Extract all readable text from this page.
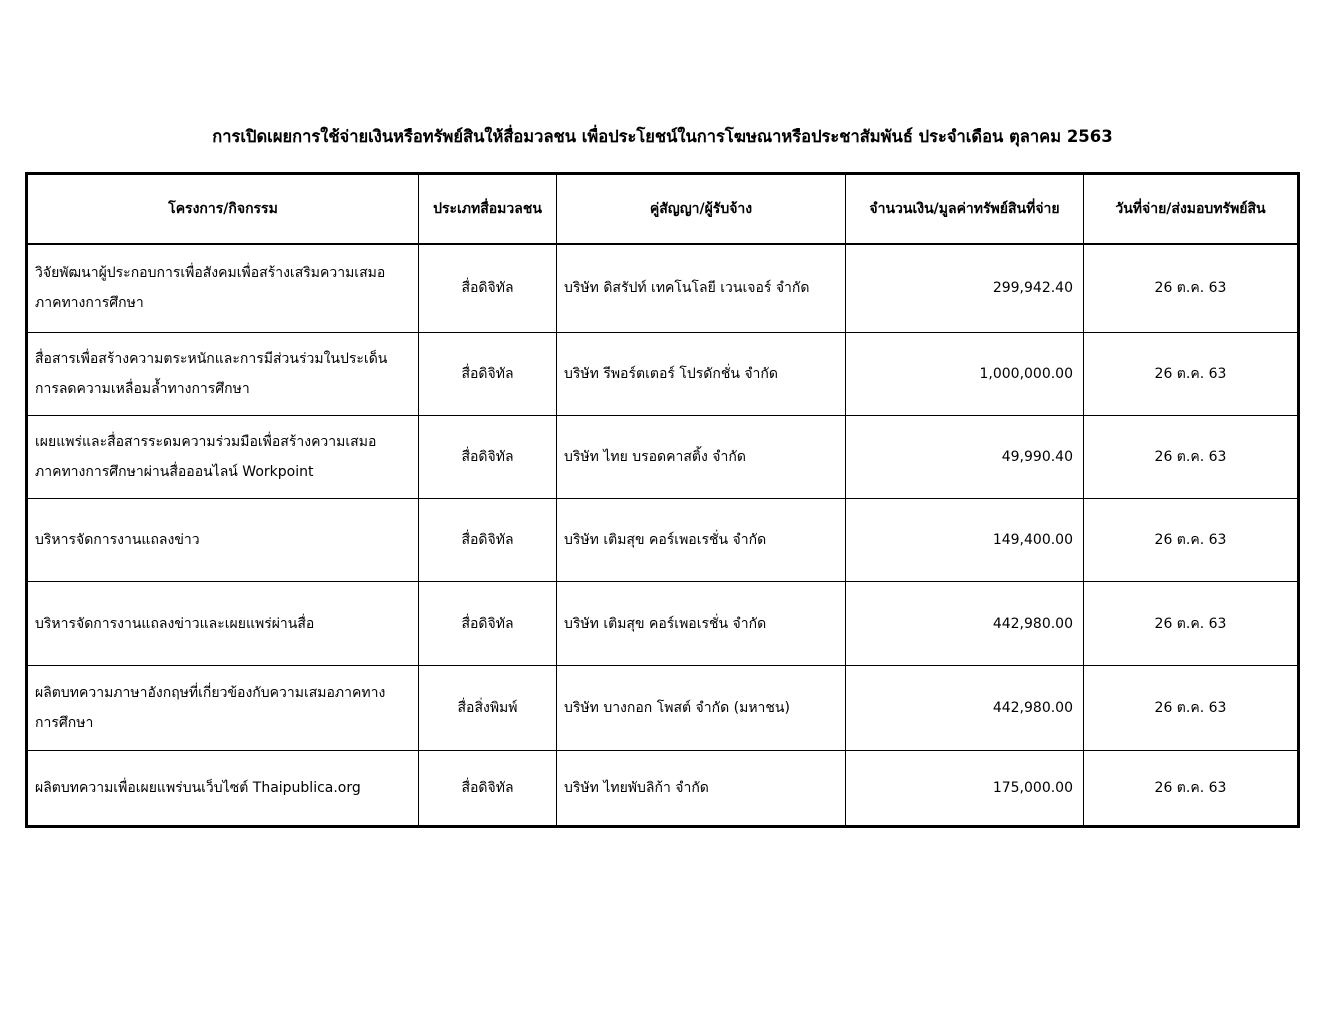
การเปิดเผยการใช้จ่ายเงินหรือทรัพย์สินให้สื่อมวลชน เพื่อประโยชน์ในการโฆษณาหรือประชาสัมพันธ์ ประจำเดือน ตุลาคม 2563
โครงการ/กิจกรรม	ประเภทสื่อมวลชน	คู่สัญญา/ผู้รับจ้าง	จำนวนเงิน/มูลค่าทรัพย์สินที่จ่าย	วันที่จ่าย/ส่งมอบทรัพย์สิน

วิจัยพัฒนาผู้ประกอบการเพื่อสังคมเพื่อสร้างเสริมความเสมอ
ภาคทางการศึกษา	สื่อดิจิทัล	บริษัท ดิสรัปท์ เทคโนโลยี เวนเจอร์ จำกัด	299,942.40	26 ต.ค. 63

สื่อสารเพื่อสร้างความตระหนักและการมีส่วนร่วมในประเด็น
การลดความเหลื่อมล้ำทางการศึกษา	สื่อดิจิทัล	บริษัท รีพอร์ตเตอร์ โปรดักชั่น จำกัด	1,000,000.00	26 ต.ค. 63

เผยแพร่และสื่อสารระดมความร่วมมือเพื่อสร้างความเสมอ
ภาคทางการศึกษาผ่านสื่อออนไลน์ Workpoint	สื่อดิจิทัล	บริษัท ไทย บรอดคาสติ้ง จำกัด	49,990.40	26 ต.ค. 63

บริหารจัดการงานแถลงข่าว	สื่อดิจิทัล	บริษัท เติมสุข คอร์เพอเรชั่น จำกัด	149,400.00	26 ต.ค. 63

บริหารจัดการงานแถลงข่าวและเผยแพร่ผ่านสื่อ	สื่อดิจิทัล	บริษัท เติมสุข คอร์เพอเรชั่น จำกัด	442,980.00	26 ต.ค. 63

ผลิตบทความภาษาอังกฤษที่เกี่ยวข้องกับความเสมอภาคทาง
การศึกษา	สื่อสิ่งพิมพ์	บริษัท บางกอก โพสต์ จำกัด (มหาชน)	442,980.00	26 ต.ค. 63

ผลิตบทความเพื่อเผยแพร่บนเว็บไซต์ Thaipublica.org	สื่อดิจิทัล	บริษัท ไทยพับลิก้า จำกัด	175,000.00	26 ต.ค. 63
